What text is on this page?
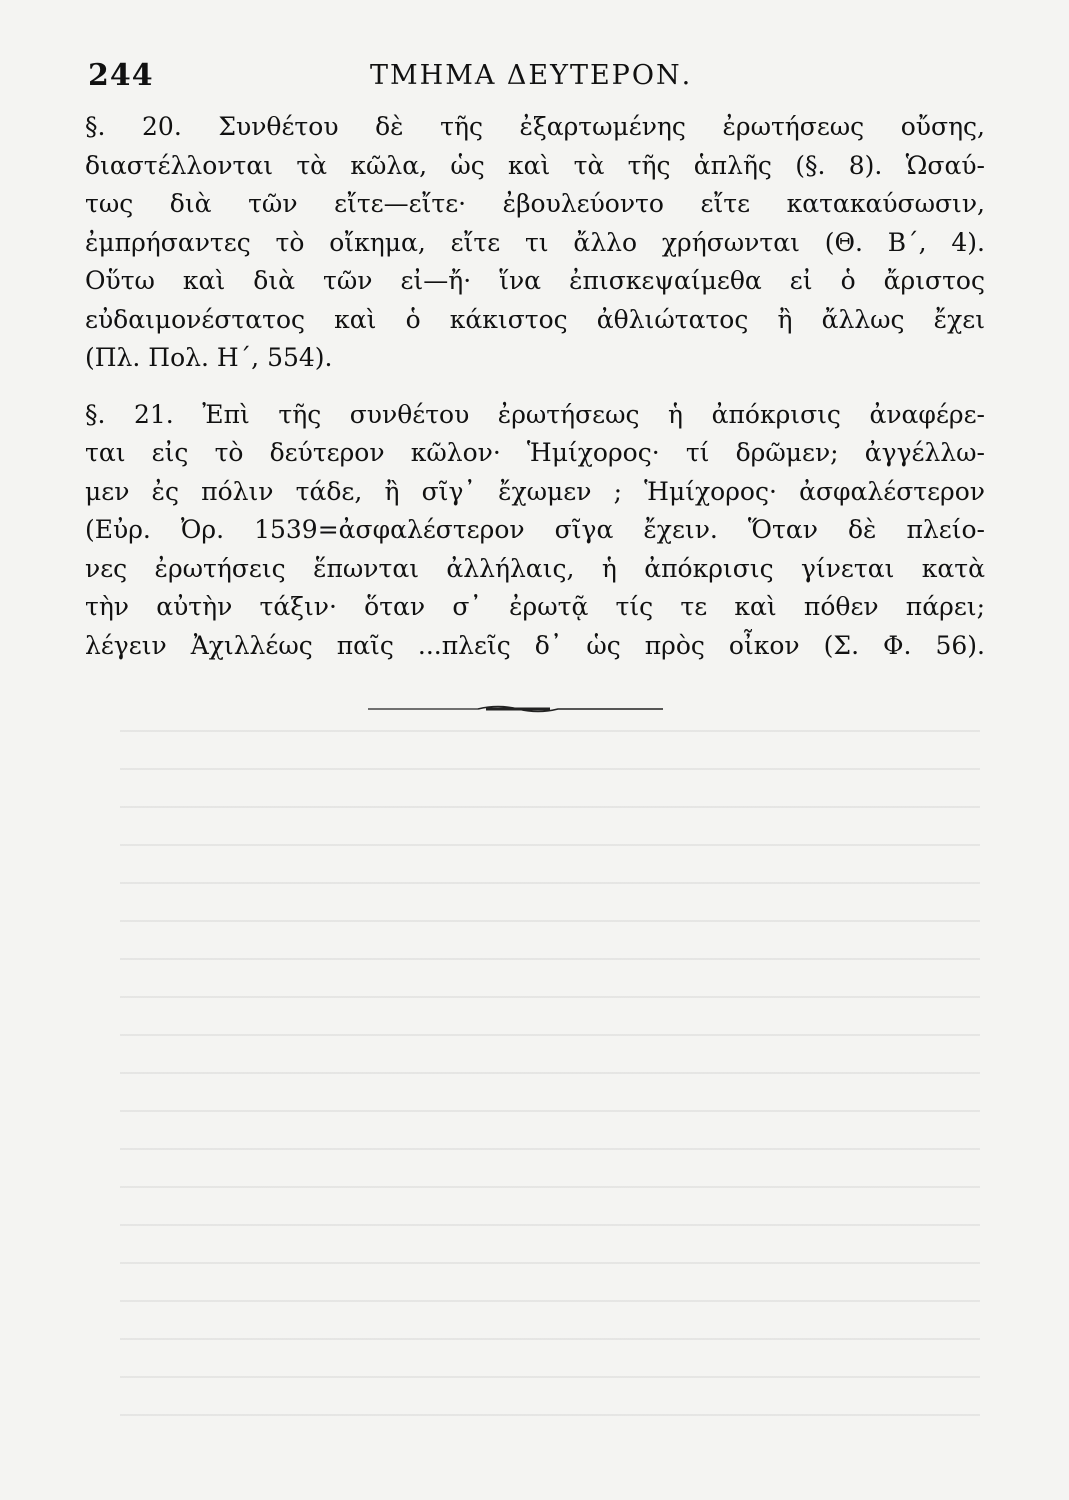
244	ΤΜΗΜΑ ΔΕΥΤΕΡΟΝ.
§. 20. Συνθέτου δὲ τῆς ἐξαρτωμένης ἐρωτήσεως οὔσης,
διαστέλλονται τὰ κῶλα, ὡς καὶ τὰ τῆς ἁπλῆς (§. 8). Ὡσαύ-
τως διὰ τῶν εἴτε—εἴτε· ἐβουλεύοντο εἴτε κατακαύσωσιν,
ἐμπρήσαντες τὸ οἴκημα, εἴτε τι ἄλλο χρήσωνται (Θ. Β΄, 4).
Οὕτω καὶ διὰ τῶν εἰ—ἤ· ἵνα ἐπισκεψαίμεθα εἰ ὁ ἄριστος
εὐδαιμονέστατος καὶ ὁ κάκιστος ἀθλιώτατος ἢ ἄλλως ἔχει
(Πλ. Πολ. Η΄, 554).
§. 21. Ἐπὶ τῆς συνθέτου ἐρωτήσεως ἡ ἀπόκρισις ἀναφέρε-
ται εἰς τὸ δεύτερον κῶλον· Ἡμίχορος· τί δρῶμεν; ἀγγέλλω-
μεν ἐς πόλιν τάδε, ἢ σῖγ᾽ ἔχωμεν ; Ἡμίχορος· ἀσφαλέστερον
(Εὐρ. Ὀρ. 1539=ἀσφαλέστερον σῖγα ἔχειν. Ὅταν δὲ πλείο-
νες ἐρωτήσεις ἕπωνται ἀλλήλαις, ἡ ἀπόκρισις γίνεται κατὰ
τὴν αὐτὴν τάξιν· ὅταν σ᾽ ἐρωτᾷ τίς τε καὶ πόθεν πάρει;
λέγειν Ἀχιλλέως παῖς ...πλεῖς δ᾽ ὡς πρὸς οἶκον (Σ. Φ. 56).
